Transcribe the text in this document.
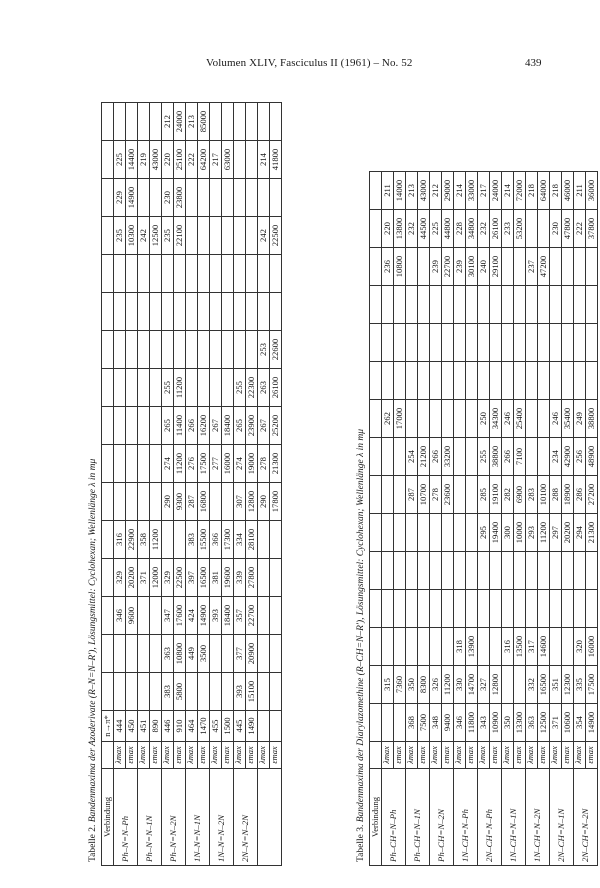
Volumen XLIV, Fasciculus II (1961) – No. 52	439
Tabelle 2. Bandenmaxima der Azoderivate (R–N=N–R′), Lösungsmittel: Cyclohexan; Wellenlänge λ in mμ Verbindung		n→π*																
Ph–N=N–Ph	λmax	444			346	329	316								235	229	225	
	εmax	450			9600	20200	22900								10300	14900	14400	
Ph–N=N–1N	λmax	451				371	358								242		219	
	εmax	890				12000	11200								12500		43000	
Ph–N=N–2N	λmax	446	383	363	347	329		290	274	265	255				235	230	220	212
	εmax	910	5800	10800	17600	22500		9300	11200	11400	11200				22100	23800	25100	24000
1N–N=N–1N	λmax	464		449	424	397	383	287	276	266							222	213
	εmax	1470		3500	14900	16500	15500	16800	17500	16200							64200	85000
1N–N=N–2N	λmax	455			393	381	366		277	267							217	
	εmax	1500			18400	19600	17300		16000	18400							63000	
2N–N=N–2N	λmax	445	393	377	357	339	334	307	274	265	255							
	εmax	1490	15100	20900	22700	27800	28100	12800	19000	23900	22300							
	λmax							290	278	267	263	253			242		214	
	εmax							17800	21300	25200	26100	22600			22500		41800	
Tabelle 3. Bandenmaxima der Diarylazomethine (R–CH=N–R′), Lösungsmittel: Cyclohexan; Wellenlänge λ in mμ Verbindung																
Ph–CH=N–Ph	λmax		315							262				236	220	211
	εmax		7360							17000				10800	13800	14000
Ph–CH=N–1N	λmax	368	350					287	254						232	213
	εmax	7500	8300					10700	21200						44500	43000
Ph–CH=N–2N	λmax	348	326					278	266					239	225	212
	εmax	9400	11200					23600	33200					22700	44800	29000
1N–CH=N–Ph	λmax	346	330	318										239	228	214
	εmax	11800	14700	13900										30100	34800	33000
2N–CH=N–Ph	λmax	343	327				295	285	255	250				240	232	217
	εmax	10900	12800				19400	19100	38800	34300				29100	26100	24000
1N–CH=N–1N	λmax	350		316			300	282	266	246					233	214
	εmax	13300		13500			10000	6900	7100	25400					53200	72000
1N–CH=N–2N	λmax	363	332	317			293	283						237		218
	εmax	12500	16500	14600			11200	10100						47200		64000
2N–CH=N–1N	λmax	371	351				297	288	234	246					230	218
	εmax	10600	12300				20200	18900	42900	35400					47800	46000
2N–CH=N–2N	λmax	354	335	320			294	286	256	249					222	211
	εmax	14900	17500	16000			21300	27200	48900	38800					37800	36000
